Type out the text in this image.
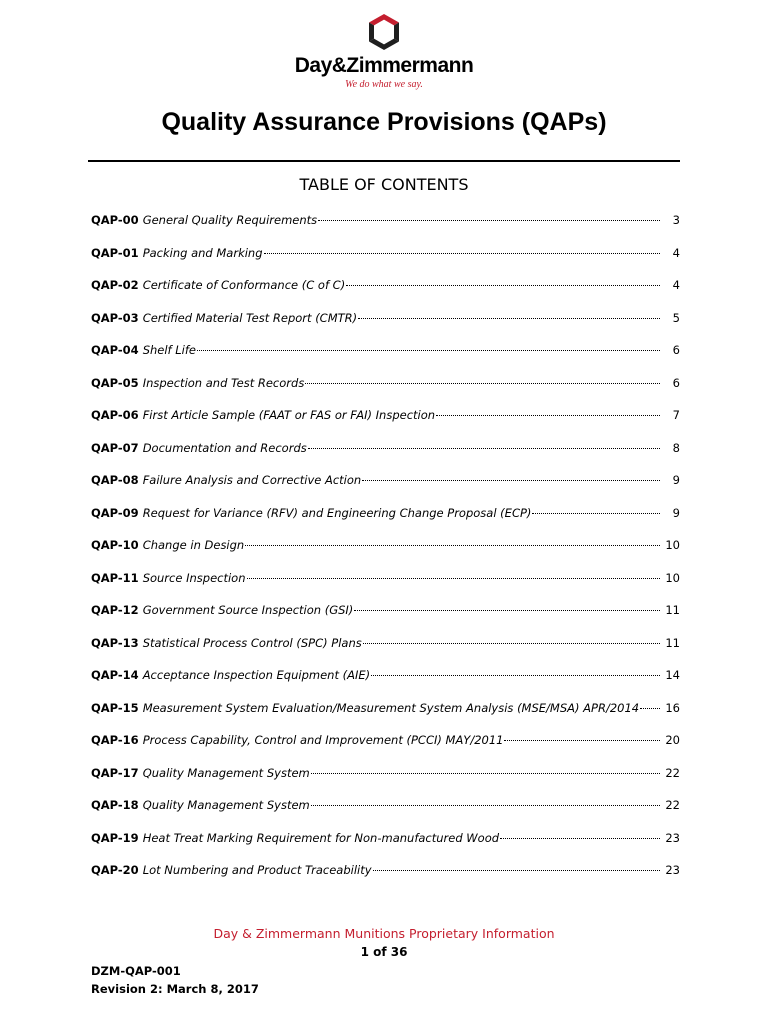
Day&Zimmermann
We do what we say.
Quality Assurance Provisions (QAPs)
TABLE OF CONTENTS
QAP-00 General Quality Requirements	3
QAP-01 Packing and Marking	4
QAP-02 Certificate of Conformance (C of C)	4
QAP-03 Certified Material Test Report (CMTR)	5
QAP-04 Shelf Life	6
QAP-05 Inspection and Test Records	6
QAP-06 First Article Sample (FAAT or FAS or FAI) Inspection	7
QAP-07 Documentation and Records	8
QAP-08 Failure Analysis and Corrective Action	9
QAP-09 Request for Variance (RFV) and Engineering Change Proposal (ECP)	9
QAP-10 Change in Design	10
QAP-11 Source Inspection	10
QAP-12 Government Source Inspection (GSI)	11
QAP-13 Statistical Process Control (SPC) Plans	11
QAP-14 Acceptance Inspection Equipment (AIE)	14
QAP-15 Measurement System Evaluation/Measurement System Analysis (MSE/MSA) APR/2014 16
QAP-16 Process Capability, Control and Improvement (PCCI) MAY/2011	20
QAP-17 Quality Management System	22
QAP-18 Quality Management System	22
QAP-19 Heat Treat Marking Requirement for Non-manufactured Wood	23
QAP-20 Lot Numbering and Product Traceability	23
Day & Zimmermann Munitions Proprietary Information
1 of 36
DZM-QAP-001
Revision 2: March 8, 2017
